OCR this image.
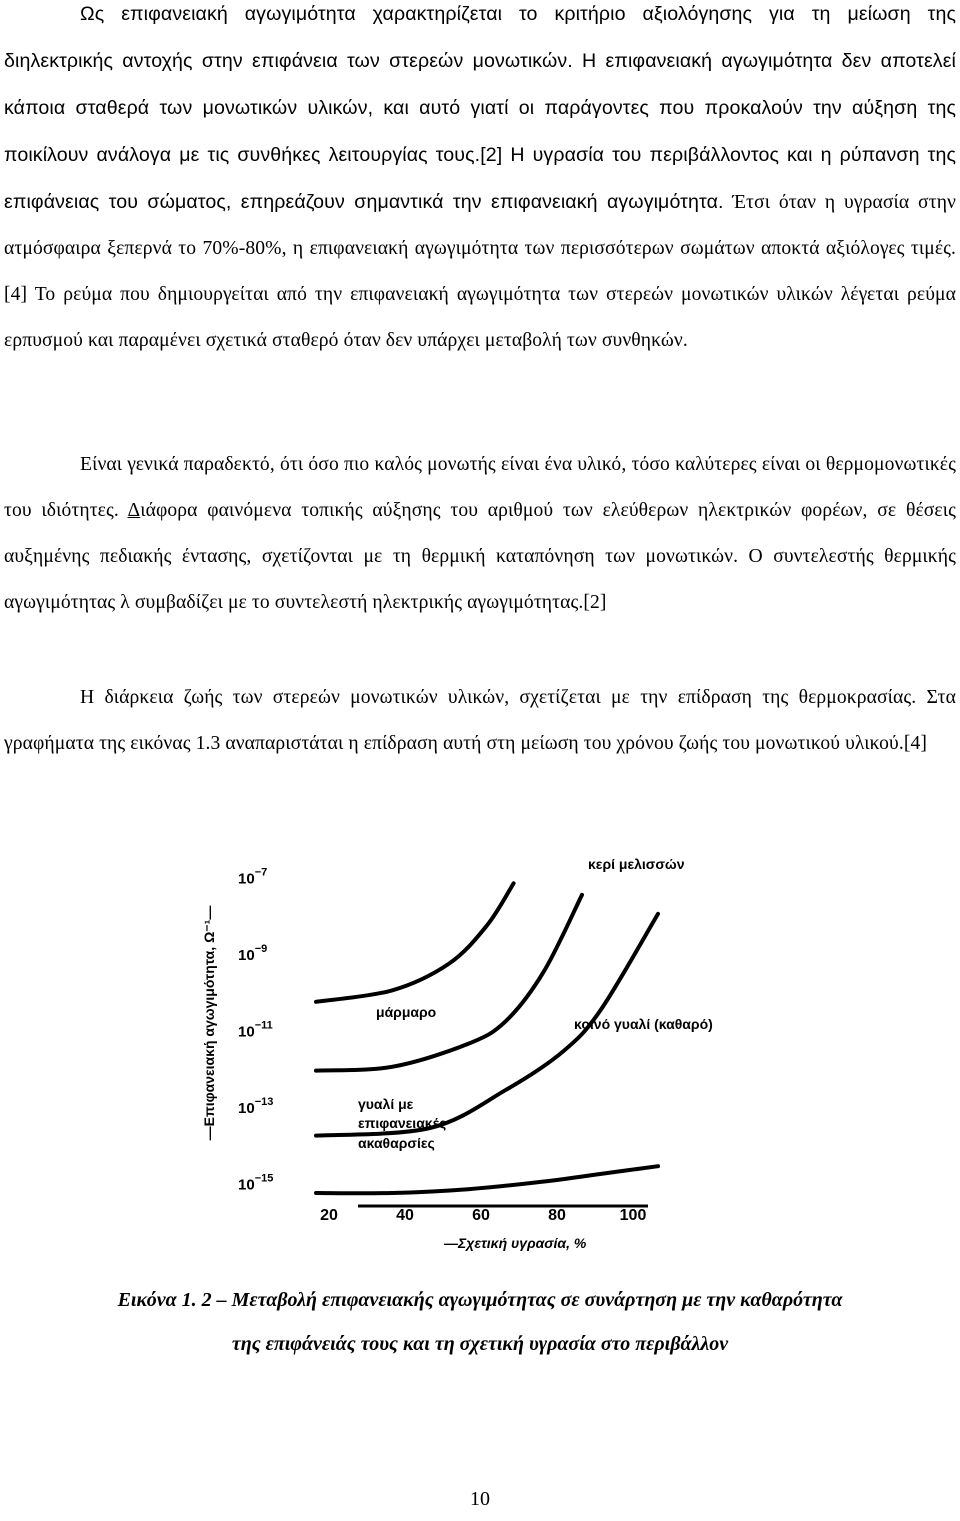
Ως επιφανειακή αγωγιμότητα χαρακτηρίζεται το κριτήριο αξιολόγησης για τη μείωση της διηλεκτρικής αντοχής στην επιφάνεια των στερεών μονωτικών. Η επιφανειακή αγωγιμότητα δεν αποτελεί κάποια σταθερά των μονωτικών υλικών, και αυτό γιατί οι παράγοντες που προκαλούν την αύξηση της ποικίλουν ανάλογα με τις συνθήκες λειτουργίας τους.[2] Η υγρασία του περιβάλλοντος και η ρύπανση της επιφάνειας του σώματος, επηρεάζουν σημαντικά την επιφανειακή αγωγιμότητα. Έτσι όταν η υγρασία στην ατμόσφαιρα ξεπερνά το 70%-80%, η επιφανειακή αγωγιμότητα των περισσότερων σωμάτων αποκτά αξιόλογες τιμές.[4] Το ρεύμα που δημιουργείται από την επιφανειακή αγωγιμότητα των στερεών μονωτικών υλικών λέγεται ρεύμα ερπυσμού και παραμένει σχετικά σταθερό όταν δεν υπάρχει μεταβολή των συνθηκών.
Είναι γενικά παραδεκτό, ότι όσο πιο καλός μονωτής είναι ένα υλικό, τόσο καλύτερες είναι οι θερμομονωτικές του ιδιότητες. Διάφορα φαινόμενα τοπικής αύξησης του αριθμού των ελεύθερων ηλεκτρικών φορέων, σε θέσεις αυξημένης πεδιακής έντασης, σχετίζονται με τη θερμική καταπόνηση των μονωτικών. Ο συντελεστής θερμικής αγωγιμότητας λ συμβαδίζει με το συντελεστή ηλεκτρικής αγωγιμότητας.[2]
Η διάρκεια ζωής των στερεών μονωτικών υλικών, σχετίζεται με την επίδραση της θερμοκρασίας. Στα γραφήματα της εικόνας 1.3 αναπαριστάται η επίδραση αυτή στη μείωση του χρόνου ζωής του μονωτικού υλικού.[4]
—Επιφανειακή αγωγιμότητα, Ω⁻¹—
$10^{-15}$
$10^{-13}$
$10^{-11}$
$10^{-9}$
$10^{-7}$
20	40	60	80	100
—Σχετική υγρασία, %
κερί μελισσών
μάρμαρο
κοινό γυαλί (καθαρό)
γυαλί με
επιφανειακές
ακαθαρσίες
Εικόνα 1. 2 – Μεταβολή επιφανειακής αγωγιμότητας σε συνάρτηση με την καθαρότητα
της επιφάνειάς τους και τη σχετική υγρασία στο περιβάλλον
10
